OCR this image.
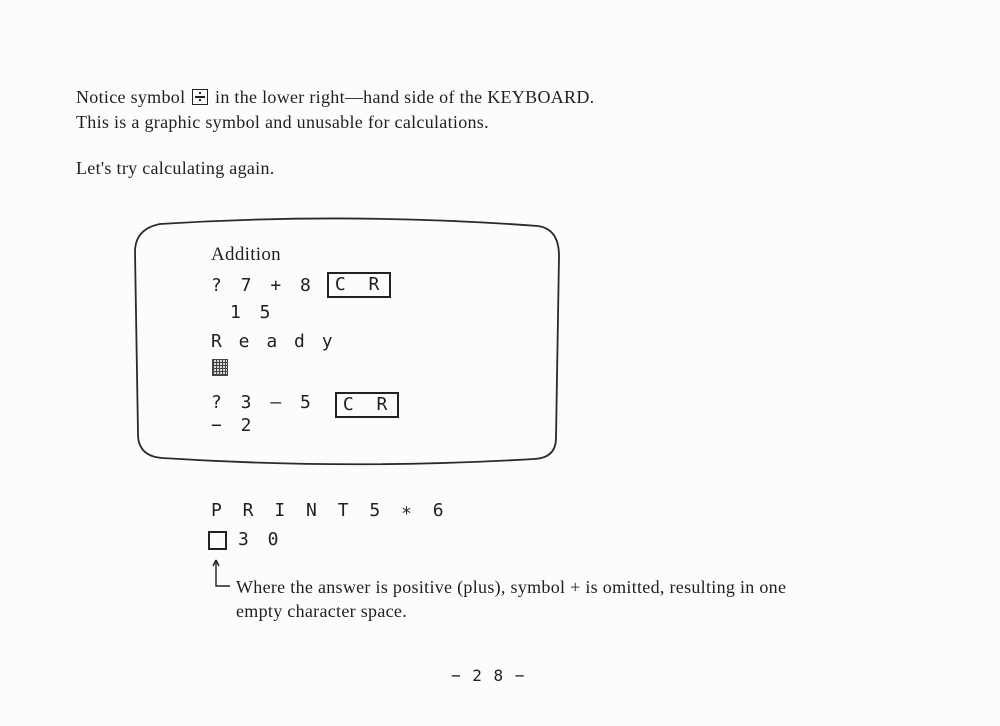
Notice symbol in the lower right—hand side of the KEYBOARD.
This is a graphic symbol and unusable for calculations.
Let's try calculating again.
Addition
? 7 + 8	C R
1 5
R e a d y
? 3 — 5	C R
− 2
P R I N T 5 ∗ 6
3 0
Where the answer is positive (plus), symbol + is omitted, resulting in one
empty character space.
− 2 8 −
